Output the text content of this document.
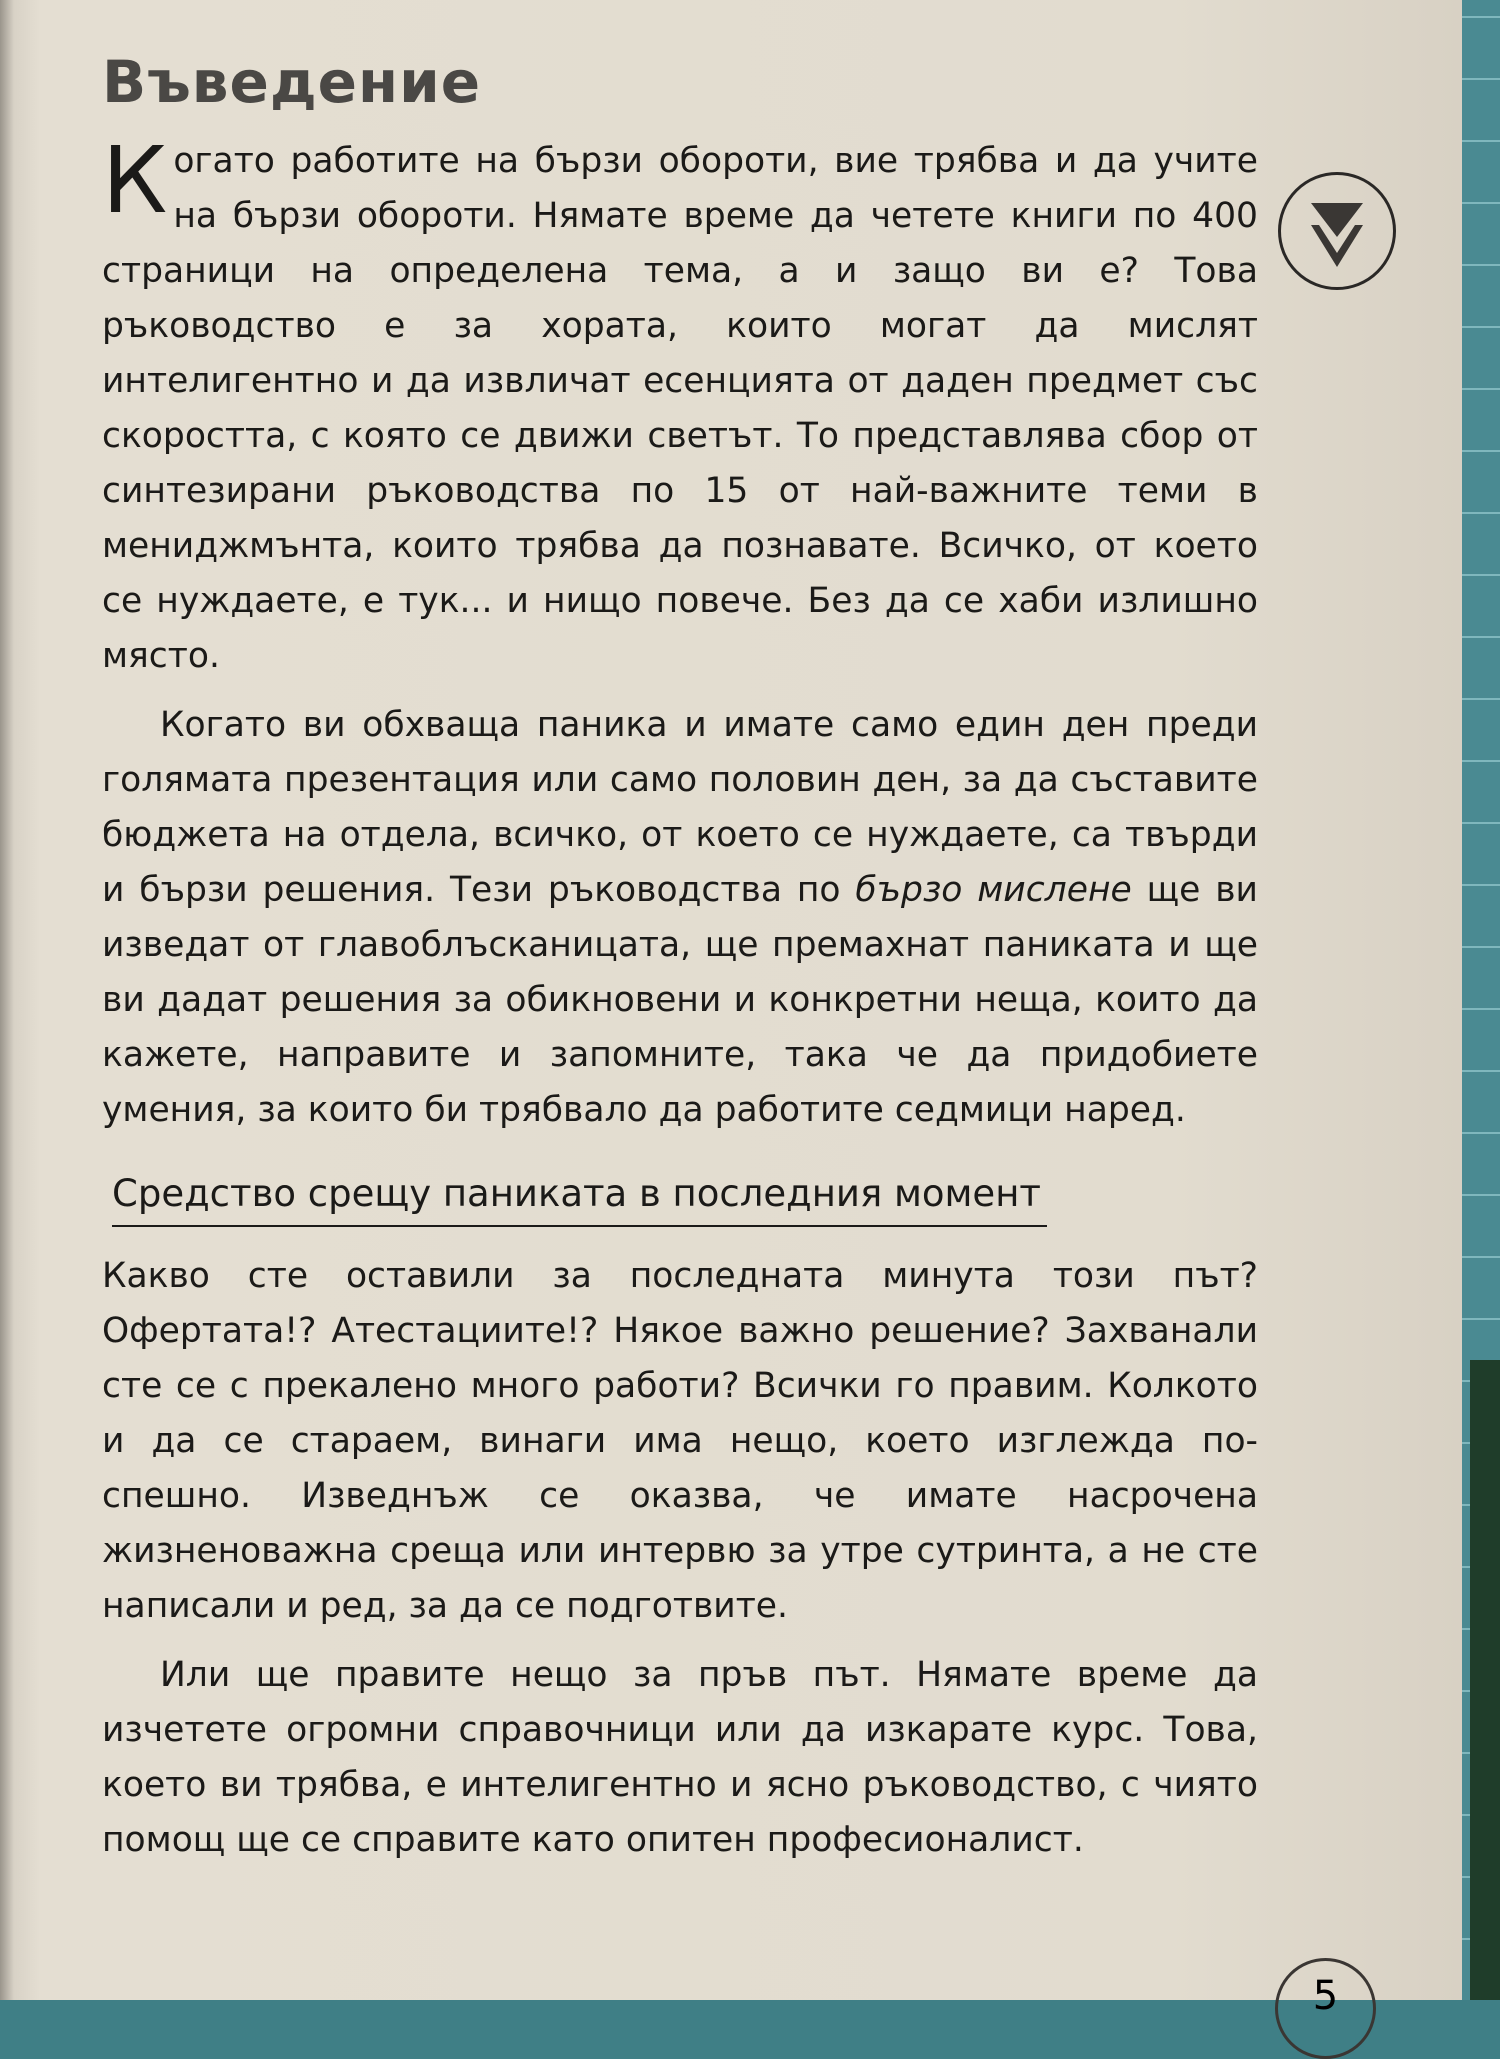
Въведение

Когато работите на бързи обороти, вие трябва и да учите на бързи обороти. Нямате време да четете книги по 400 страници на определена тема, а и защо ви е? Това ръководство е за хората, които могат да мислят интелигентно и да извличат есенцията от даден предмет със скоростта, с която се движи светът. То представлява сбор от синтезирани ръководства по 15 от най-важните теми в мениджмънта, които трябва да познавате. Всичко, от което се нуждаете, е тук... и нищо повече. Без да се хаби излишно място.

Когато ви обхваща паника и имате само един ден преди голямата презентация или само половин ден, за да съставите бюджета на отдела, всичко, от което се нуждаете, са твърди и бързи решения. Тези ръководства по бързо мислене ще ви изведат от главоблъсканицата, ще премахнат паниката и ще ви дадат решения за обикновени и конкретни неща, които да кажете, направите и запомните, така че да придобиете умения, за които би трябвало да работите седмици наред.

Средство срещу паниката в последния момент

Какво сте оставили за последната минута този път? Офертата!? Атестациите!? Някое важно решение? Захванали сте се с прекалено много работи? Всички го правим. Колкото и да се стараем, винаги има нещо, което изглежда по-спешно. Изведнъж се оказва, че имате насрочена жизненоважна среща или интервю за утре сутринта, а не сте написали и ред, за да се подготвите.

Или ще правите нещо за пръв път. Нямате време да изчетете огромни справочници или да изкарате курс. Това, което ви трябва, е интелигентно и ясно ръководство, с чиято помощ ще се справите като опитен професионалист.

5
